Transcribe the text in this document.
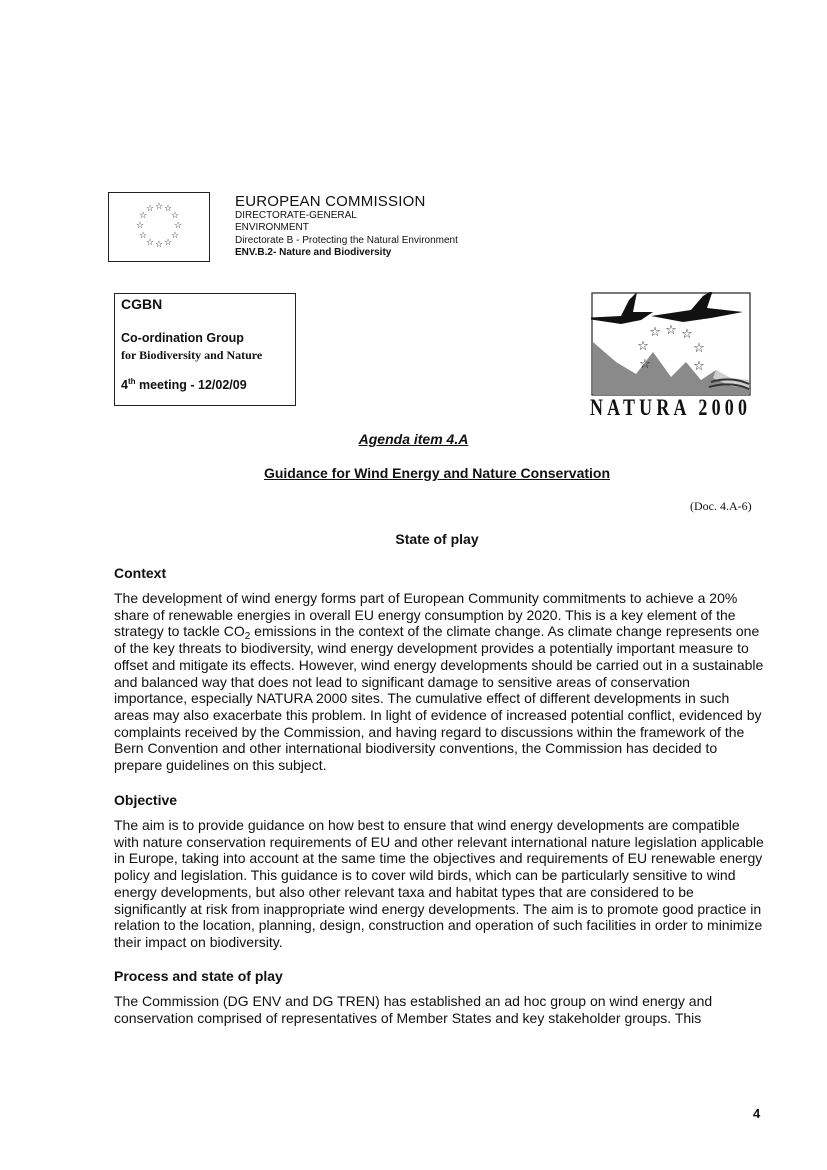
☆ ☆
☆
☆
☆
☆
☆
☆
☆
☆
☆ ☆
EUROPEAN COMMISSION
DIRECTORATE-GENERAL
ENVIRONMENT
Directorate B - Protecting the Natural Environment
ENV.B.2- Nature and Biodiversity
CGBN
Co-ordination Group
for Biodiversity and Nature
4th meeting - 12/02/09
☆ ☆ ☆
☆	☆
☆	☆
NATURA 2000
Agenda item 4.A
Guidance for Wind Energy and Nature Conservation
(Doc. 4.A-6)
State of play
Context
The development of wind energy forms part of European Community commitments to achieve a 20% share of renewable energies in overall EU energy consumption by 2020. This is a key element of the strategy to tackle $CO_2$ emissions in the context of the climate change. As climate change represents one of the key threats to biodiversity, wind energy development provides a potentially important measure to offset and mitigate its effects. However, wind energy developments should be carried out in a sustainable and balanced way that does not lead to significant damage to sensitive areas of conservation importance, especially NATURA 2000 sites. The cumulative effect of different developments in such areas may also exacerbate this problem. In light of evidence of increased potential conflict, evidenced by complaints received by the Commission, and having regard to discussions within the framework of the Bern Convention and other international biodiversity conventions, the Commission has decided to prepare guidelines on this subject.
Objective
The aim is to provide guidance on how best to ensure that wind energy developments are compatible with nature conservation requirements of EU and other relevant international nature legislation applicable in Europe, taking into account at the same time the objectives and requirements of EU renewable energy policy and legislation. This guidance is to cover wild birds, which can be particularly sensitive to wind energy developments, but also other relevant taxa and habitat types that are considered to be significantly at risk from inappropriate wind energy developments. The aim is to promote good practice in relation to the location, planning, design, construction and operation of such facilities in order to minimize their impact on biodiversity.
Process and state of play
The Commission (DG ENV and DG TREN) has established an ad hoc group on wind energy and conservation comprised of representatives of Member States and key stakeholder groups. This
4
